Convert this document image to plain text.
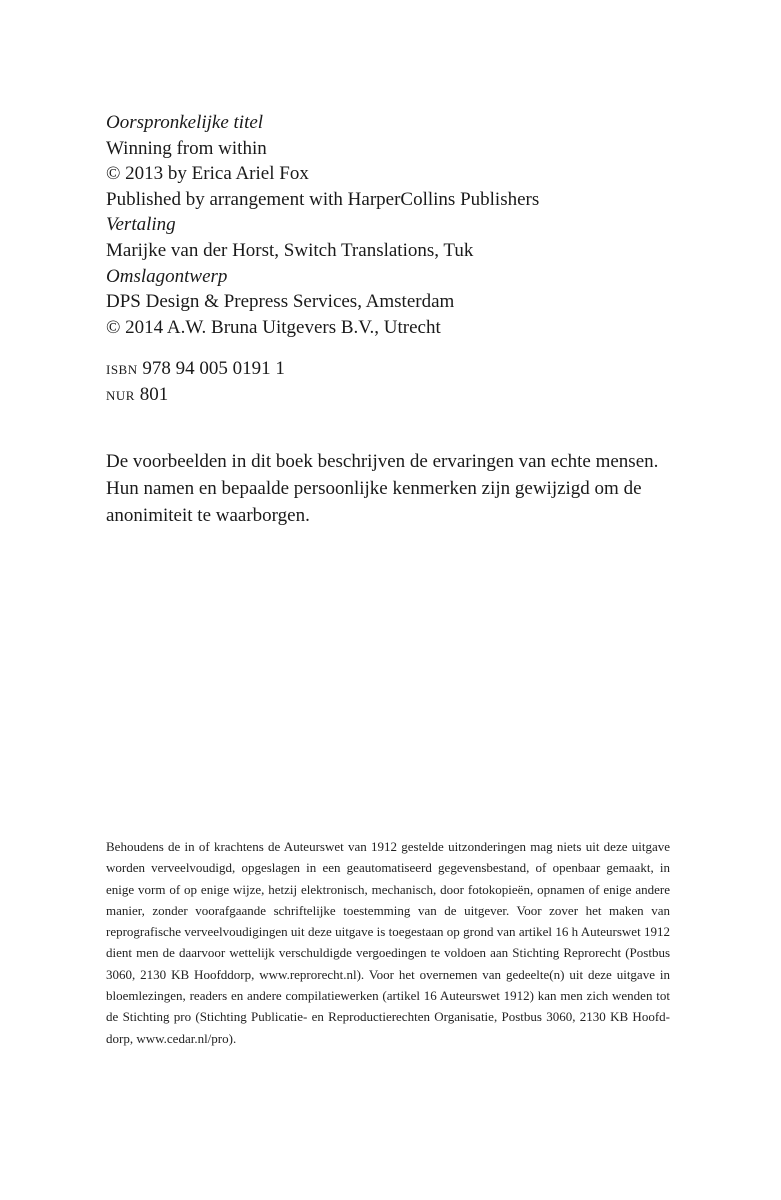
Oorspronkelijke titel
Winning from within
© 2013 by Erica Ariel Fox
Published by arrangement with HarperCollins Publishers
Vertaling
Marijke van der Horst, Switch Translations, Tuk
Omslagontwerp
DPS Design & Prepress Services, Amsterdam
© 2014 A.W. Bruna Uitgevers B.V., Utrecht
isbn 978 94 005 0191 1
nur 801

De voorbeelden in dit boek beschrijven de ervaringen van echte mensen. Hun namen en bepaalde persoonlijke kenmerken zijn gewijzigd om de anonimiteit te waarborgen.

Behoudens de in of krachtens de Auteurswet van 1912 gestelde uitzonderingen mag niets uit deze uitgave worden verveelvoudigd, opgeslagen in een geautomatiseerd gegevensbestand, of openbaar gemaakt, in enige vorm of op enige wijze, hetzij elektronisch, mechanisch, door fotokopieën, opnamen of enige andere manier, zonder voorafgaande schriftelijke toestemming van de uitgever. Voor zover het maken van reprografische verveelvoudigingen uit deze uitgave is toegestaan op grond van artikel 16 h Auteurswet 1912 dient men de daarvoor wettelijk verschuldigde vergoedingen te voldoen aan Stichting Reprorecht (Postbus 3060, 2130 KB Hoofddorp, www.​reprorecht.nl). Voor het overnemen van gedeelte(n) uit deze uitgave in bloemlezingen, readers en andere compilatiewerken (artikel 16 Auteurswet 1912) kan men zich wenden tot de Stichting pro (Stichting Publicatie- en Reproductierechten Organisatie, Postbus 3060, 2130 KB Hoofddorp, www.cedar.nl/pro).
